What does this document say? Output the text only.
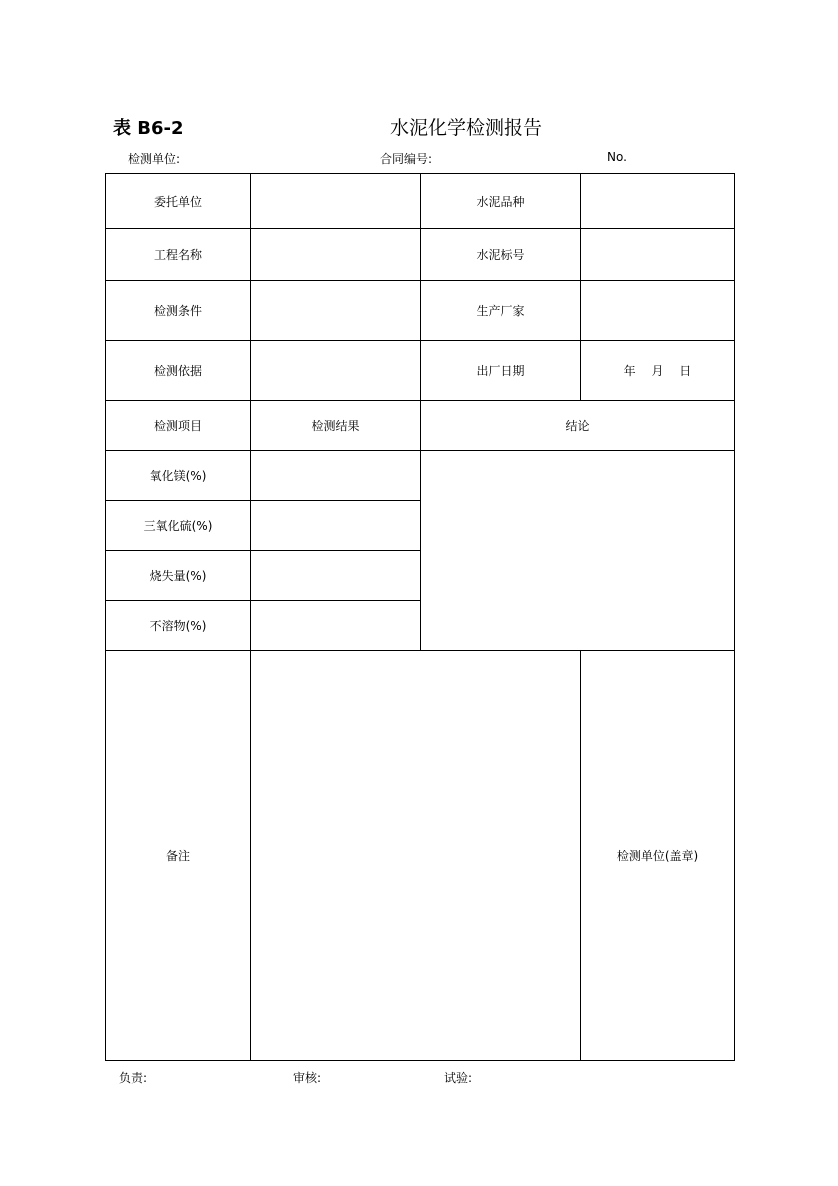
表 B6-2	水泥化学检测报告
检测单位:	合同编号:	No.
委托单位		水泥品种	
工程名称		水泥标号	
检测条件		生产厂家	
检测依据		出厂日期	年　 月　 日
检测项目	检测结果	结论	
氧化镁(%)			
三氧化硫(%)			
烧失量(%)			
不溶物(%)			
备注			检测单位(盖章)
负责:	审核:	试验:
